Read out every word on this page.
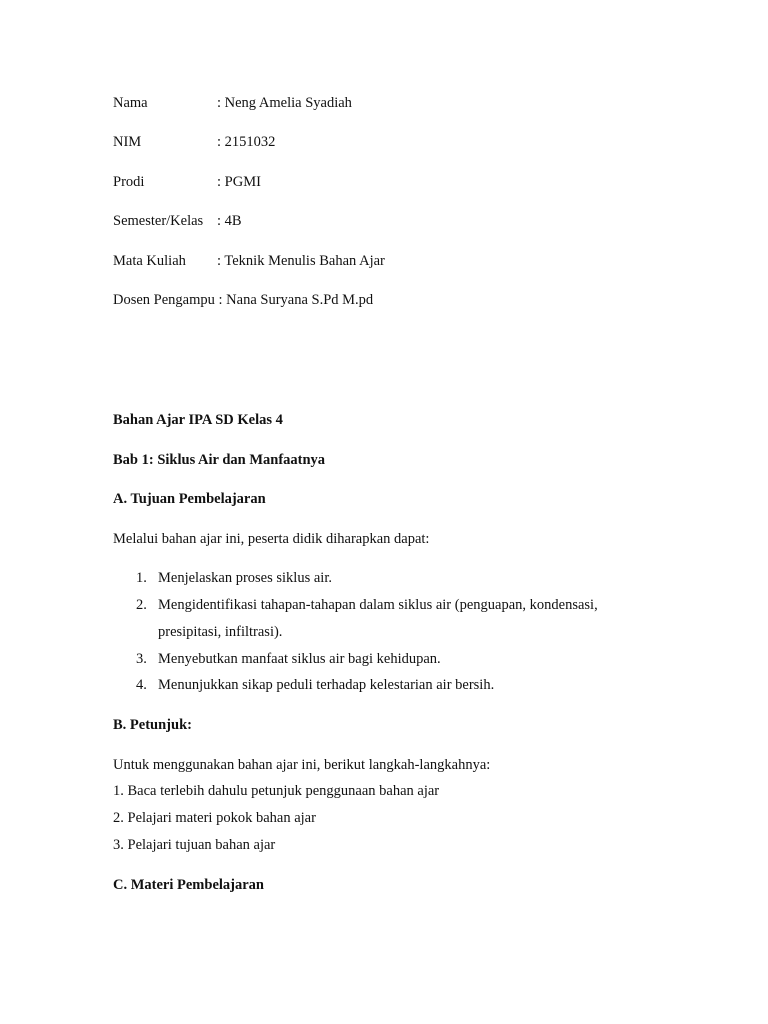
Nama	: Neng Amelia Syadiah
NIM	: 2151032
Prodi	: PGMI
Semester/Kelas : 4B
Mata Kuliah : Teknik Menulis Bahan Ajar
Dosen Pengampu : Nana Suryana S.Pd M.pd
Bahan Ajar IPA SD Kelas 4
Bab 1: Siklus Air dan Manfaatnya
A. Tujuan Pembelajaran
Melalui bahan ajar ini, peserta didik diharapkan dapat:
1. Menjelaskan proses siklus air.
2. Mengidentifikasi tahapan-tahapan dalam siklus air (penguapan, kondensasi,
presipitasi, infiltrasi).
3. Menyebutkan manfaat siklus air bagi kehidupan.
4. Menunjukkan sikap peduli terhadap kelestarian air bersih.
B. Petunjuk:
Untuk menggunakan bahan ajar ini, berikut langkah-langkahnya:
1. Baca terlebih dahulu petunjuk penggunaan bahan ajar
2. Pelajari materi pokok bahan ajar
3. Pelajari tujuan bahan ajar
C. Materi Pembelajaran
